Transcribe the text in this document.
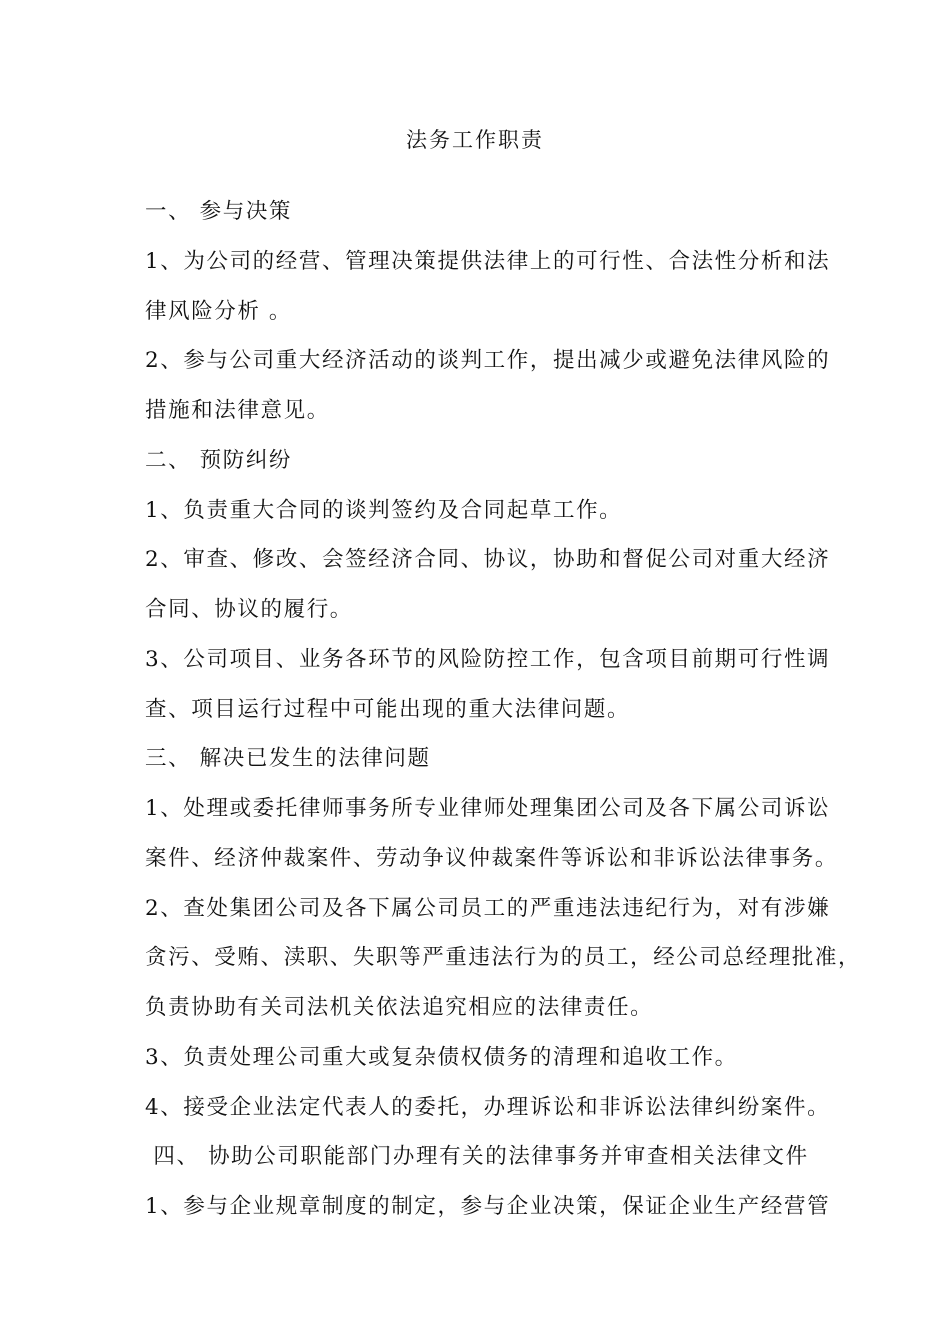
法务工作职责
一、 参与决策
1、为公司的经营、管理决策提供法律上的可行性、合法性分析和法
律风险分析 。
2、参与公司重大经济活动的谈判工作，提出减少或避免法律风险的
措施和法律意见。
二、 预防纠纷
1、负责重大合同的谈判签约及合同起草工作。
2、审查、修改、会签经济合同、协议，协助和督促公司对重大经济
合同、协议的履行。
3、公司项目、业务各环节的风险防控工作，包含项目前期可行性调
查、项目运行过程中可能出现的重大法律问题。
三、 解决已发生的法律问题
1、处理或委托律师事务所专业律师处理集团公司及各下属公司诉讼
案件、经济仲裁案件、劳动争议仲裁案件等诉讼和非诉讼法律事务。
2、查处集团公司及各下属公司员工的严重违法违纪行为，对有涉嫌
贪污、受贿、渎职、失职等严重违法行为的员工，经公司总经理批准，
负责协助有关司法机关依法追究相应的法律责任。
3、负责处理公司重大或复杂债权债务的清理和追收工作。
4、接受企业法定代表人的委托，办理诉讼和非诉讼法律纠纷案件。
四、 协助公司职能部门办理有关的法律事务并审查相关法律文件
1、参与企业规章制度的制定，参与企业决策，保证企业生产经营管
